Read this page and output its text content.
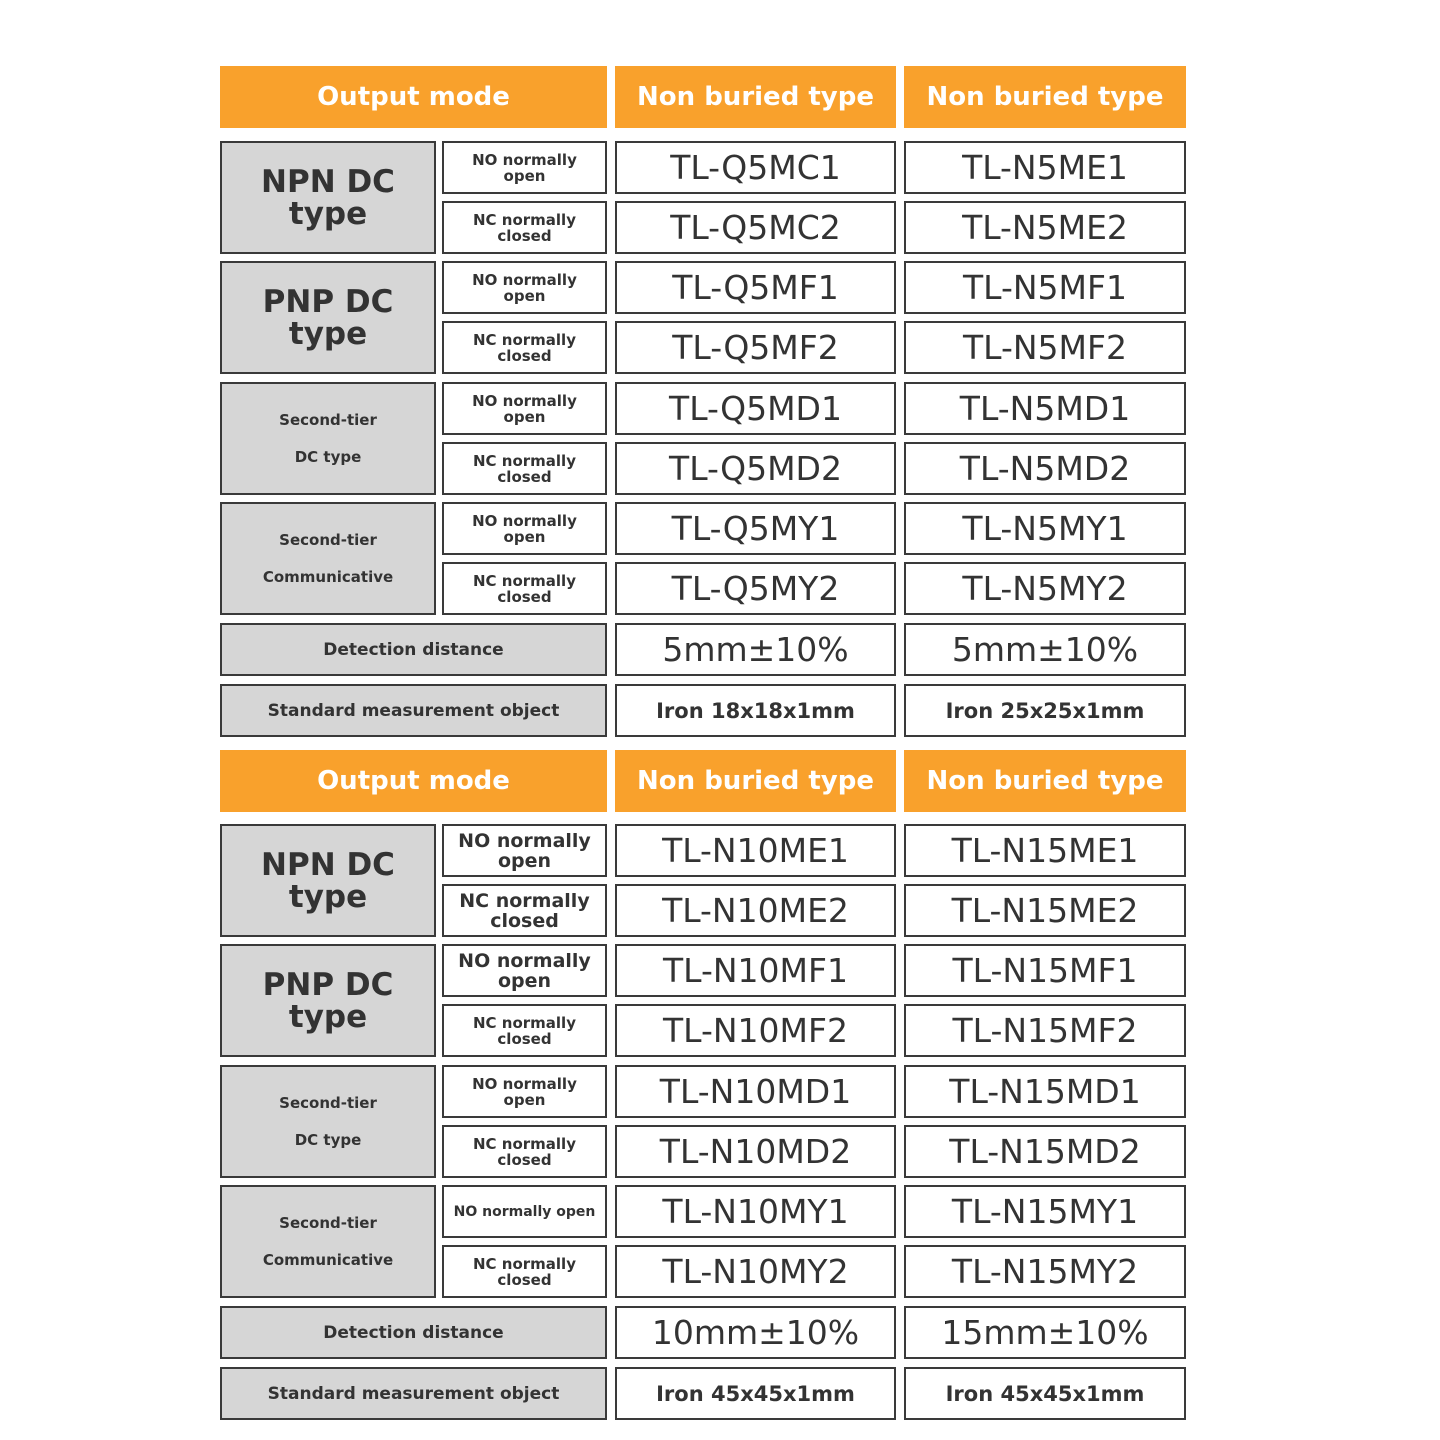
Output mode	Non buried type	Non buried type
NPN DC
type
NO normally open	TL-Q5MC1	TL-N5ME1
NC normally closed	TL-Q5MC2	TL-N5ME2
PNP DC
type
NO normally open	TL-Q5MF1	TL-N5MF1
NC normally closed	TL-Q5MF2	TL-N5MF2
Second-tier
DC type
NO normally open	TL-Q5MD1	TL-N5MD1
NC normally closed	TL-Q5MD2	TL-N5MD2
Second-tier
Communicative
NO normally open	TL-Q5MY1	TL-N5MY1
NC normally closed	TL-Q5MY2	TL-N5MY2
Detection distance	5mm±10%	5mm±10%
Standard measurement object	Iron 18x18x1mm	Iron 25x25x1mm
Output mode	Non buried type	Non buried type
NPN DC
type
NO normally open	TL-N10ME1	TL-N15ME1
NC normally closed	TL-N10ME2	TL-N15ME2
PNP DC
type
NO normally open	TL-N10MF1	TL-N15MF1
NC normally closed	TL-N10MF2	TL-N15MF2
Second-tier
DC type
NO normally open	TL-N10MD1	TL-N15MD1
NC normally closed	TL-N10MD2	TL-N15MD2
Second-tier
Communicative
NO normally open	TL-N10MY1	TL-N15MY1
NC normally closed	TL-N10MY2	TL-N15MY2
Detection distance	10mm±10%	15mm±10%
Standard measurement object	Iron 45x45x1mm	Iron 45x45x1mm
